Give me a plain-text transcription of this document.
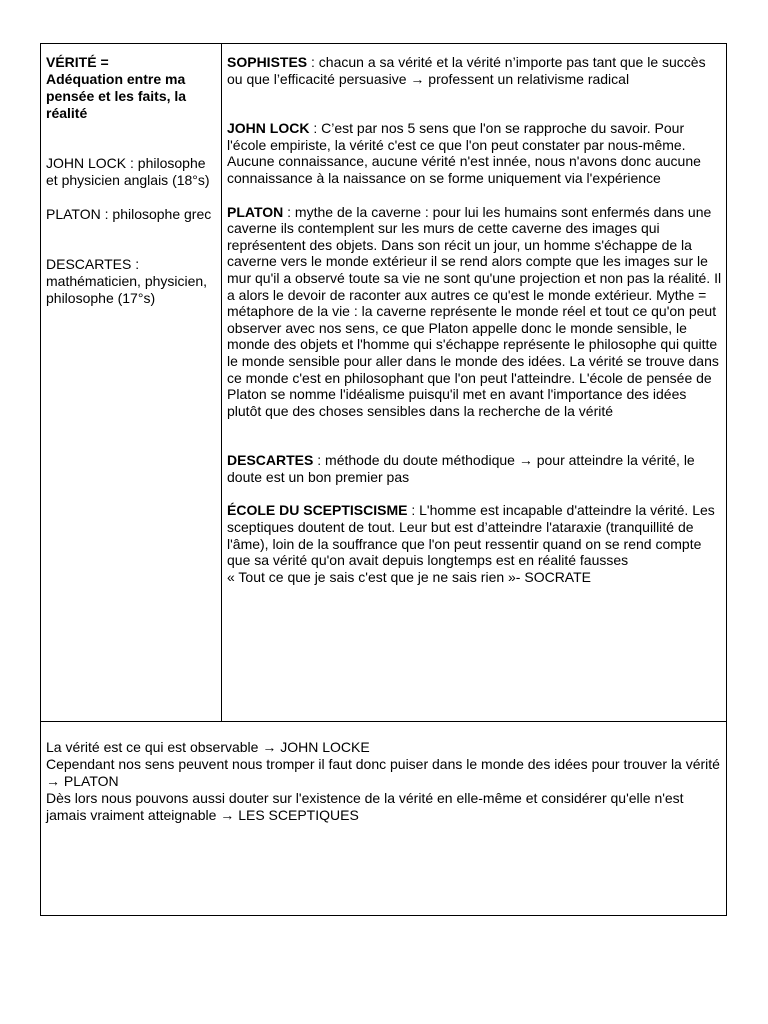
VÉRITÉ =

Adéquation entre ma pensée et les faits, la réalité

JOHN LOCK : philosophe et physicien anglais (18°s)

PLATON : philosophe grec

DESCARTES : mathématicien, physicien, philosophe (17°s)

SOPHISTES : chacun a sa vérité et la vérité n’importe pas tant que le succès ou que l’efficacité persuasive → professent un relativisme radical

JOHN LOCK : C’est par nos 5 sens que l'on se rapproche du savoir. Pour l'école empiriste, la vérité c'est ce que l'on peut constater par nous-même. Aucune connaissance, aucune vérité n'est innée, nous n'avons donc aucune connaissance à la naissance on se forme uniquement via l'expérience

PLATON : mythe de la caverne : pour lui les humains sont enfermés dans une caverne ils contemplent sur les murs de cette caverne des images qui représentent des objets. Dans son récit un jour, un homme s'échappe de la caverne vers le monde extérieur il se rend alors compte que les images sur le mur qu'il a observé toute sa vie ne sont qu'une projection et non pas la réalité. Il a alors le devoir de raconter aux autres ce qu'est le monde extérieur. Mythe = métaphore de la vie : la caverne représente le monde réel et tout ce qu'on peut observer avec nos sens, ce que Platon appelle donc le monde sensible, le monde des objets et l'homme qui s'échappe représente le philosophe qui quitte le monde sensible pour aller dans le monde des idées. La vérité se trouve dans ce monde c'est en philosophant que l'on peut l'atteindre. L'école de pensée de Platon se nomme l'idéalisme puisqu'il met en avant l'importance des idées plutôt que des choses sensibles dans la recherche de la vérité

DESCARTES : méthode du doute méthodique → pour atteindre la vérité, le doute est un bon premier pas

ÉCOLE DU SCEPTISCISME : L'homme est incapable d'atteindre la vérité. Les sceptiques doutent de tout. Leur but est d’atteindre l'ataraxie (tranquillité de l'âme), loin de la souffrance que l'on peut ressentir quand on se rend compte que sa vérité qu'on avait depuis longtemps est en réalité fausses

« Tout ce que je sais c'est que je ne sais rien »- SOCRATE

La vérité est ce qui est observable → JOHN LOCKE

Cependant nos sens peuvent nous tromper il faut donc puiser dans le monde des idées pour trouver la vérité → PLATON

Dès lors nous pouvons aussi douter sur l'existence de la vérité en elle-même et considérer qu'elle n'est jamais vraiment atteignable → LES SCEPTIQUES
